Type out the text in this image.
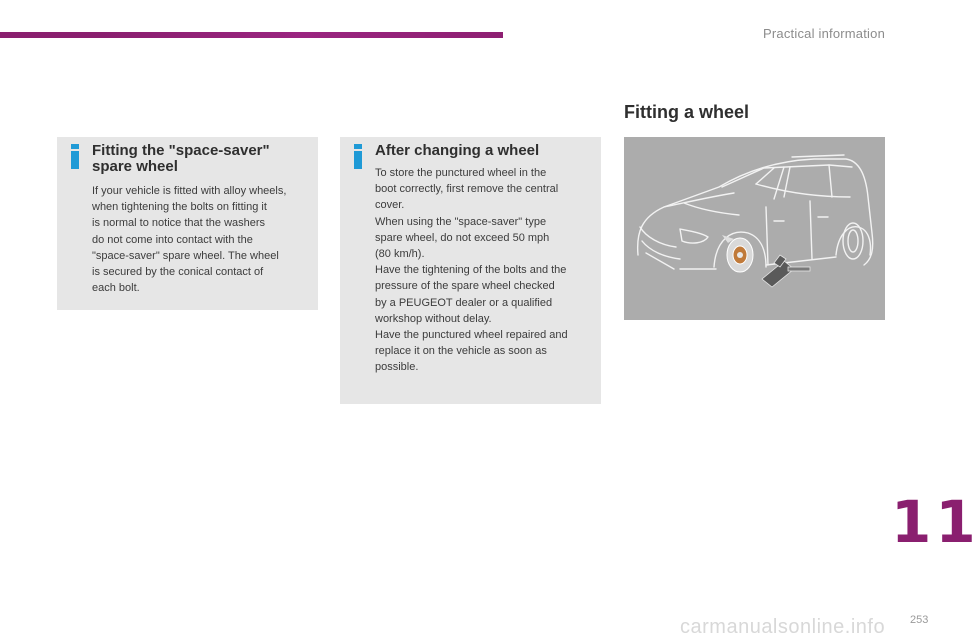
Practical information
Fitting the "space-saver" spare wheel

If your vehicle is fitted with alloy wheels,

when tightening the bolts on fitting it

is normal to notice that the washers

do not come into contact with the

"space-saver" spare wheel. The wheel

is secured by the conical contact of

each bolt.

After changing a wheel

To store the punctured wheel in the

boot correctly, first remove the central

cover.

When using the "space-saver" type

spare wheel, do not exceed 50 mph

(80 km/h).

Have the tightening of the bolts and the

pressure of the spare wheel checked

by a PEUGEOT dealer or a qualified

workshop without delay.

Have the punctured wheel repaired and

replace it on the vehicle as soon as

possible.

Fitting a wheel
11
carmanualsonline.info 253
